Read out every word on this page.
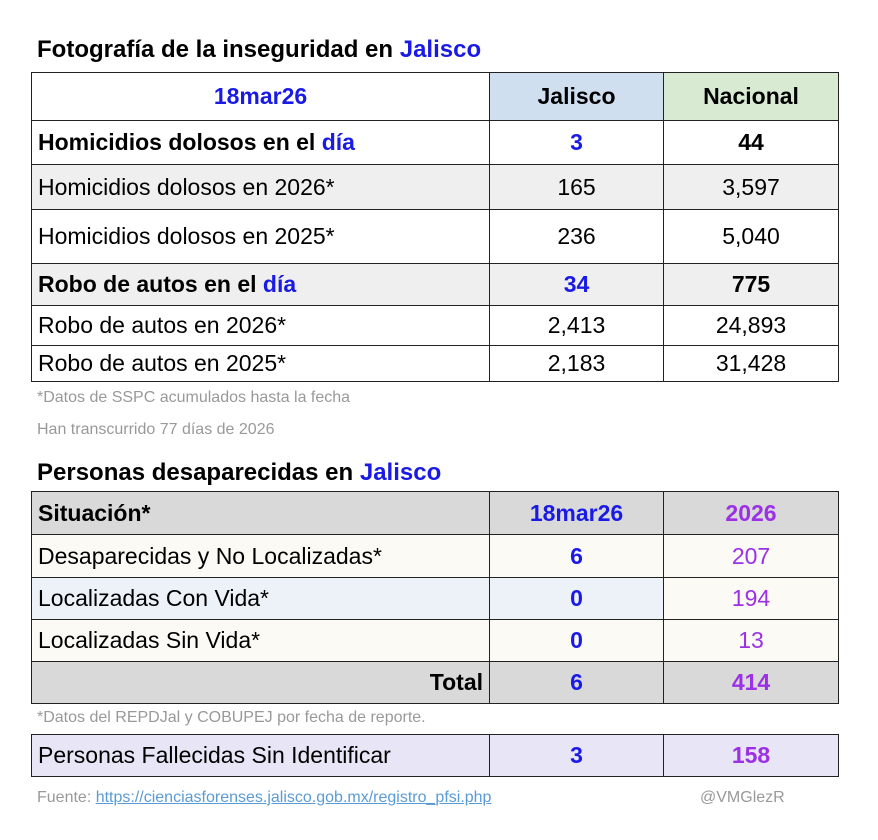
Fotografía de la inseguridad en Jalisco
18mar26	Jalisco	Nacional
Homicidios dolosos en el día	3	44
Homicidios dolosos en 2026*	165	3,597
Homicidios dolosos en 2025*	236	5,040
Robo de autos en el día	34	775
Robo de autos en 2026*	2,413	24,893
Robo de autos en 2025*	2,183	31,428
*Datos de SSPC acumulados hasta la fecha
Han transcurrido 77 días de 2026
Personas desaparecidas en Jalisco
Situación*	18mar26	2026
Desaparecidas y No Localizadas*	6	207
Localizadas Con Vida*	0	194
Localizadas Sin Vida*	0	13
Total	6	414
*Datos del REPDJal y COBUPEJ por fecha de reporte.
Personas Fallecidas Sin Identificar	3	158
Fuente: https://cienciasforenses.jalisco.gob.mx/registro_pfsi.php	@VMGlezR
